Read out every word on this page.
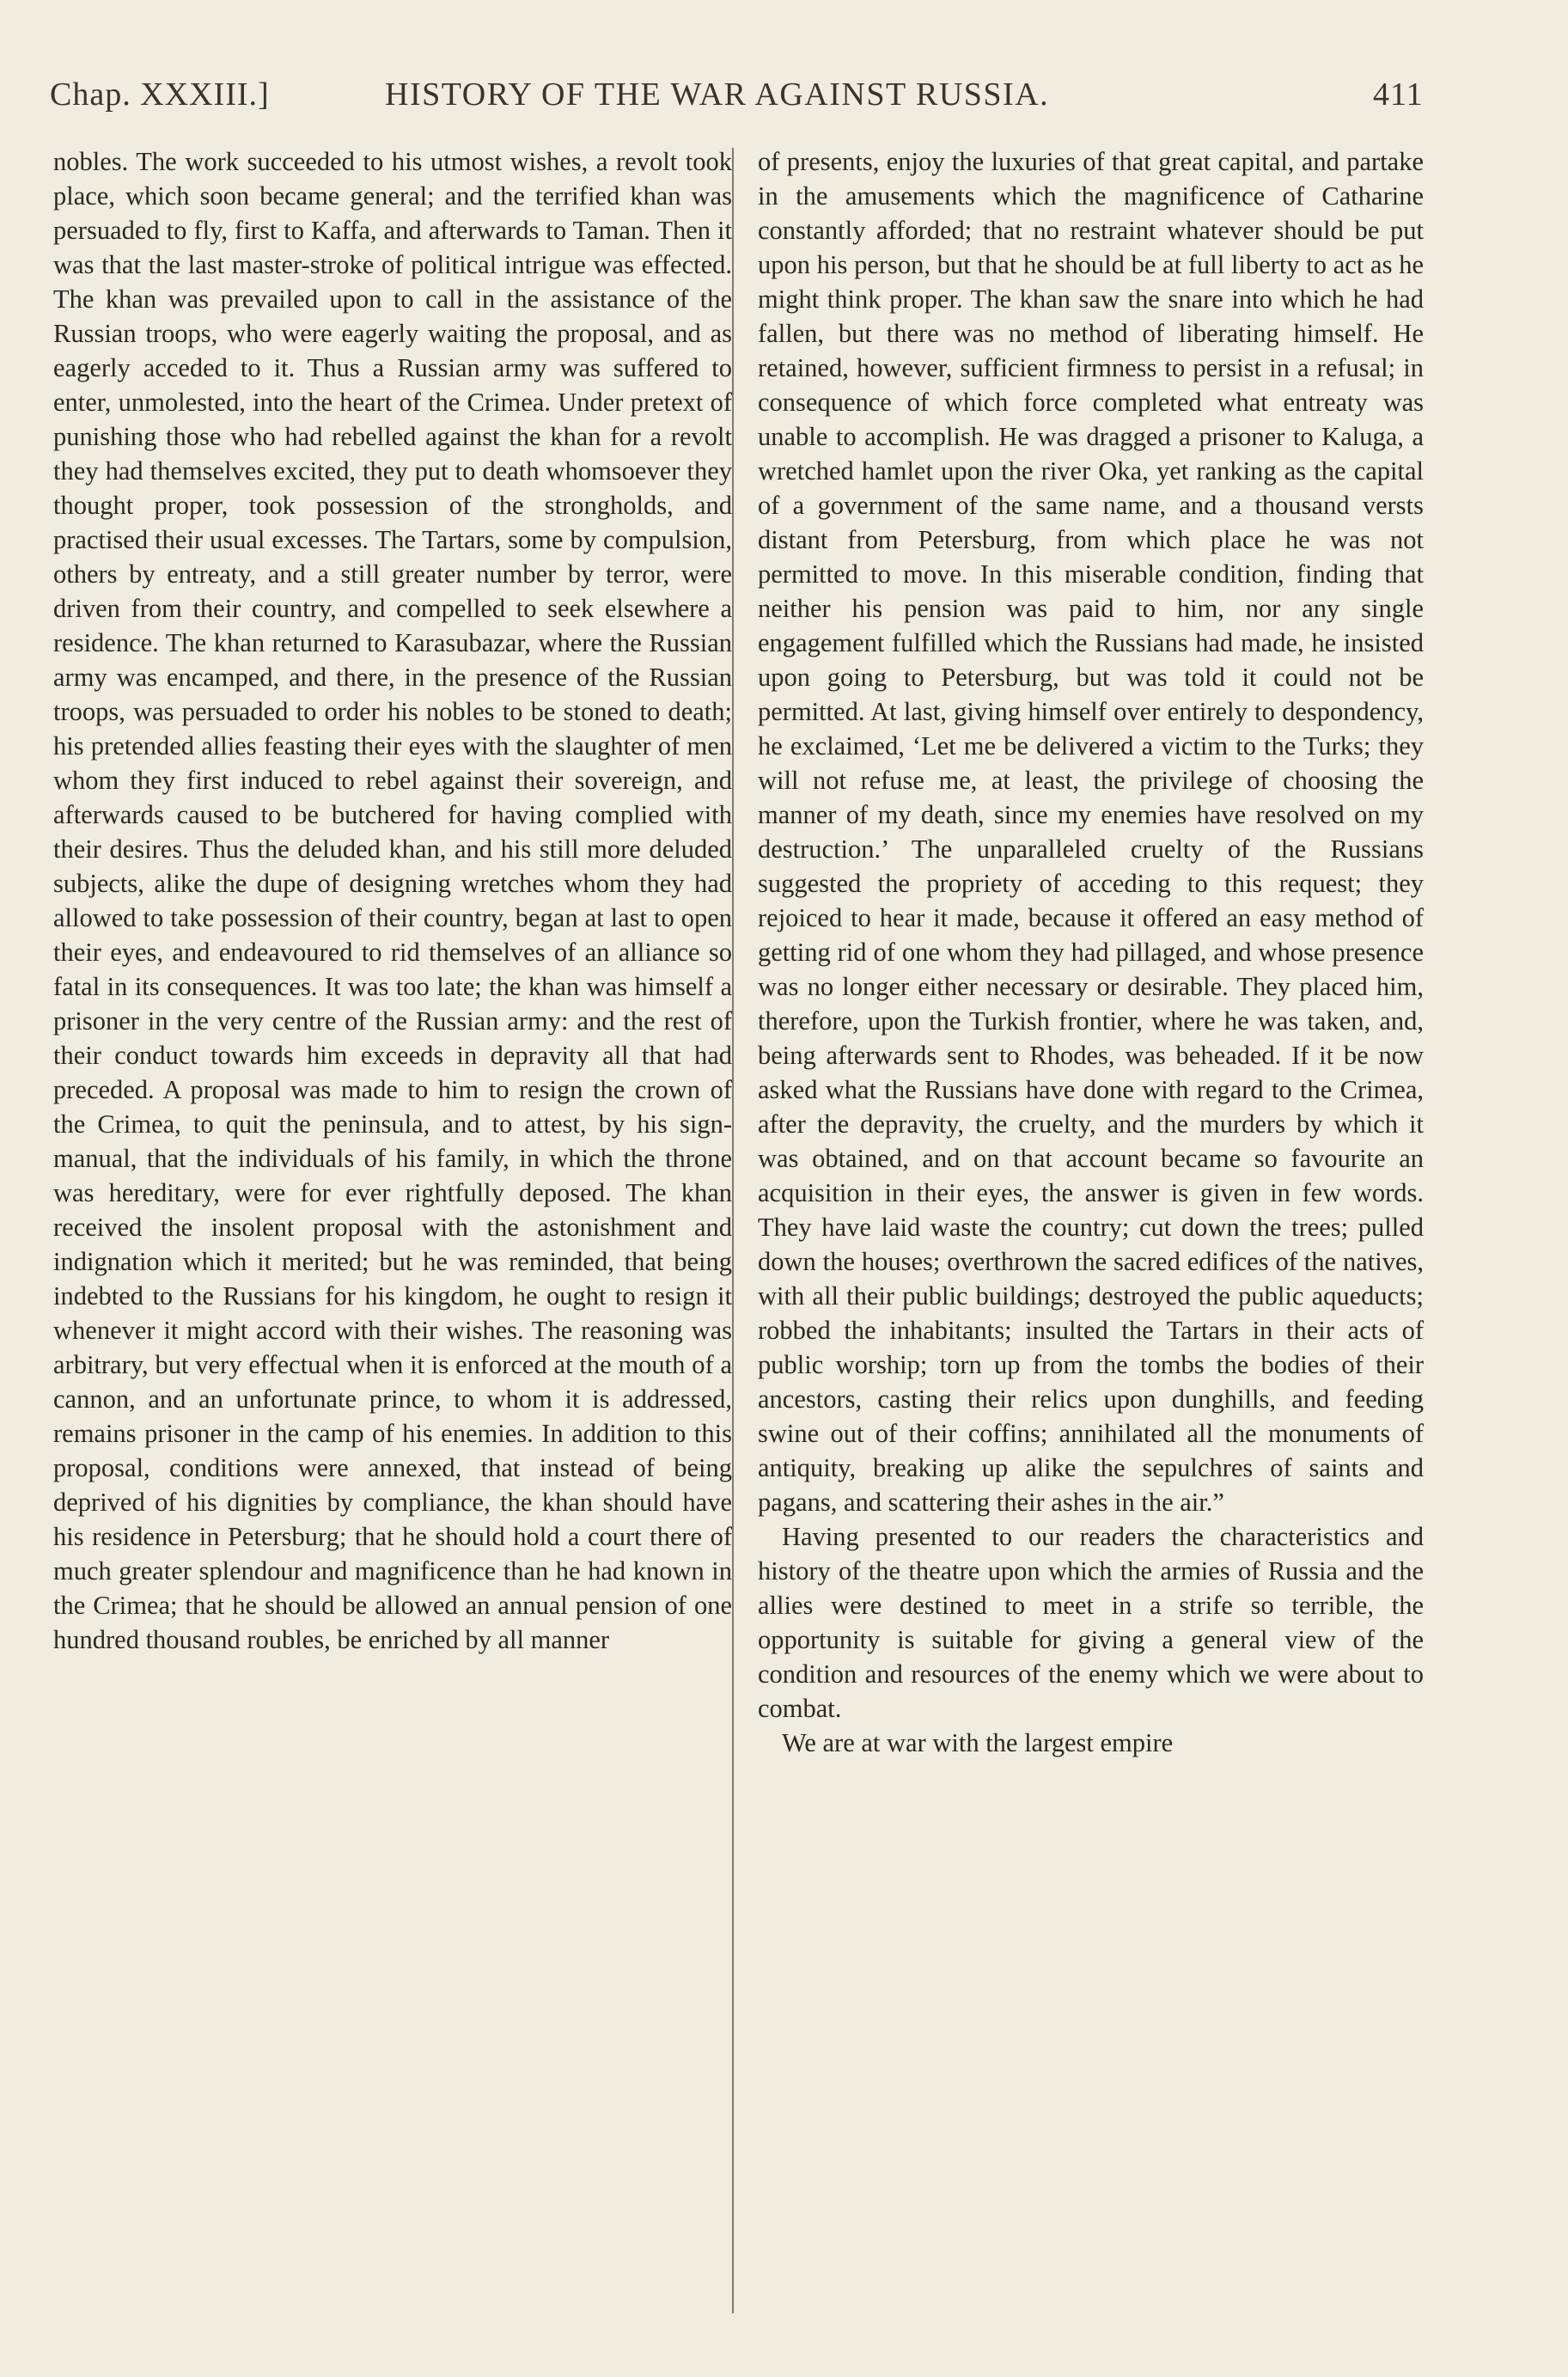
Chap. XXXIII.]	HISTORY OF THE WAR AGAINST RUSSIA.	411

nobles. The work succeeded to his utmost wishes, a revolt took place, which soon became general; and the terrified khan was persuaded to fly, first to Kaffa, and afterwards to Taman. Then it was that the last master-stroke of political intrigue was effected. The khan was prevailed upon to call in the assistance of the Russian troops, who were eagerly waiting the proposal, and as eagerly acceded to it. Thus a Russian army was suffered to enter, unmolested, into the heart of the Crimea. Under pretext of punishing those who had rebelled against the khan for a revolt they had themselves excited, they put to death whomsoever they thought proper, took possession of the strongholds, and practised their usual excesses. The Tartars, some by compulsion, others by entreaty, and a still greater number by terror, were driven from their country, and compelled to seek elsewhere a residence. The khan returned to Karasubazar, where the Russian army was encamped, and there, in the presence of the Russian troops, was persuaded to order his nobles to be stoned to death; his pretended allies feasting their eyes with the slaughter of men whom they first induced to rebel against their sovereign, and afterwards caused to be butchered for having complied with their desires. Thus the deluded khan, and his still more deluded subjects, alike the dupe of designing wretches whom they had allowed to take possession of their country, began at last to open their eyes, and endeavoured to rid themselves of an alliance so fatal in its consequences. It was too late; the khan was himself a prisoner in the very centre of the Russian army: and the rest of their conduct towards him exceeds in depravity all that had preceded. A proposal was made to him to resign the crown of the Crimea, to quit the peninsula, and to attest, by his sign-manual, that the individuals of his family, in which the throne was hereditary, were for ever rightfully deposed. The khan received the insolent proposal with the astonishment and indignation which it merited; but he was reminded, that being indebted to the Russians for his kingdom, he ought to resign it whenever it might accord with their wishes. The reasoning was arbitrary, but very effectual when it is enforced at the mouth of a cannon, and an unfortunate prince, to whom it is addressed, remains prisoner in the camp of his enemies. In addition to this proposal, conditions were annexed, that instead of being deprived of his dignities by compliance, the khan should have his residence in Petersburg; that he should hold a court there of much greater splendour and magnificence than he had known in the Crimea; that he should be allowed an annual pension of one hundred thousand roubles, be enriched by all manner

of presents, enjoy the luxuries of that great capital, and partake in the amusements which the magnificence of Catharine constantly afforded; that no restraint whatever should be put upon his person, but that he should be at full liberty to act as he might think proper. The khan saw the snare into which he had fallen, but there was no method of liberating himself. He retained, however, sufficient firmness to persist in a refusal; in consequence of which force completed what entreaty was unable to accomplish. He was dragged a prisoner to Kaluga, a wretched hamlet upon the river Oka, yet ranking as the capital of a government of the same name, and a thousand versts distant from Petersburg, from which place he was not permitted to move. In this miserable condition, finding that neither his pension was paid to him, nor any single engagement fulfilled which the Russians had made, he insisted upon going to Petersburg, but was told it could not be permitted. At last, giving himself over entirely to despondency, he exclaimed, ‘Let me be delivered a victim to the Turks; they will not refuse me, at least, the privilege of choosing the manner of my death, since my enemies have resolved on my destruction.’ The unparalleled cruelty of the Russians suggested the propriety of acceding to this request; they rejoiced to hear it made, because it offered an easy method of getting rid of one whom they had pillaged, and whose presence was no longer either necessary or desirable. They placed him, therefore, upon the Turkish frontier, where he was taken, and, being afterwards sent to Rhodes, was beheaded. If it be now asked what the Russians have done with regard to the Crimea, after the depravity, the cruelty, and the murders by which it was obtained, and on that account became so favourite an acquisition in their eyes, the answer is given in few words. They have laid waste the country; cut down the trees; pulled down the houses; overthrown the sacred edifices of the natives, with all their public buildings; destroyed the public aqueducts; robbed the inhabitants; insulted the Tartars in their acts of public worship; torn up from the tombs the bodies of their ancestors, casting their relics upon dunghills, and feeding swine out of their coffins; annihilated all the monuments of antiquity, breaking up alike the sepulchres of saints and pagans, and scattering their ashes in the air.”

Having presented to our readers the characteristics and history of the theatre upon which the armies of Russia and the allies were destined to meet in a strife so terrible, the opportunity is suitable for giving a general view of the condition and resources of the enemy which we were about to combat.

We are at war with the largest empire
